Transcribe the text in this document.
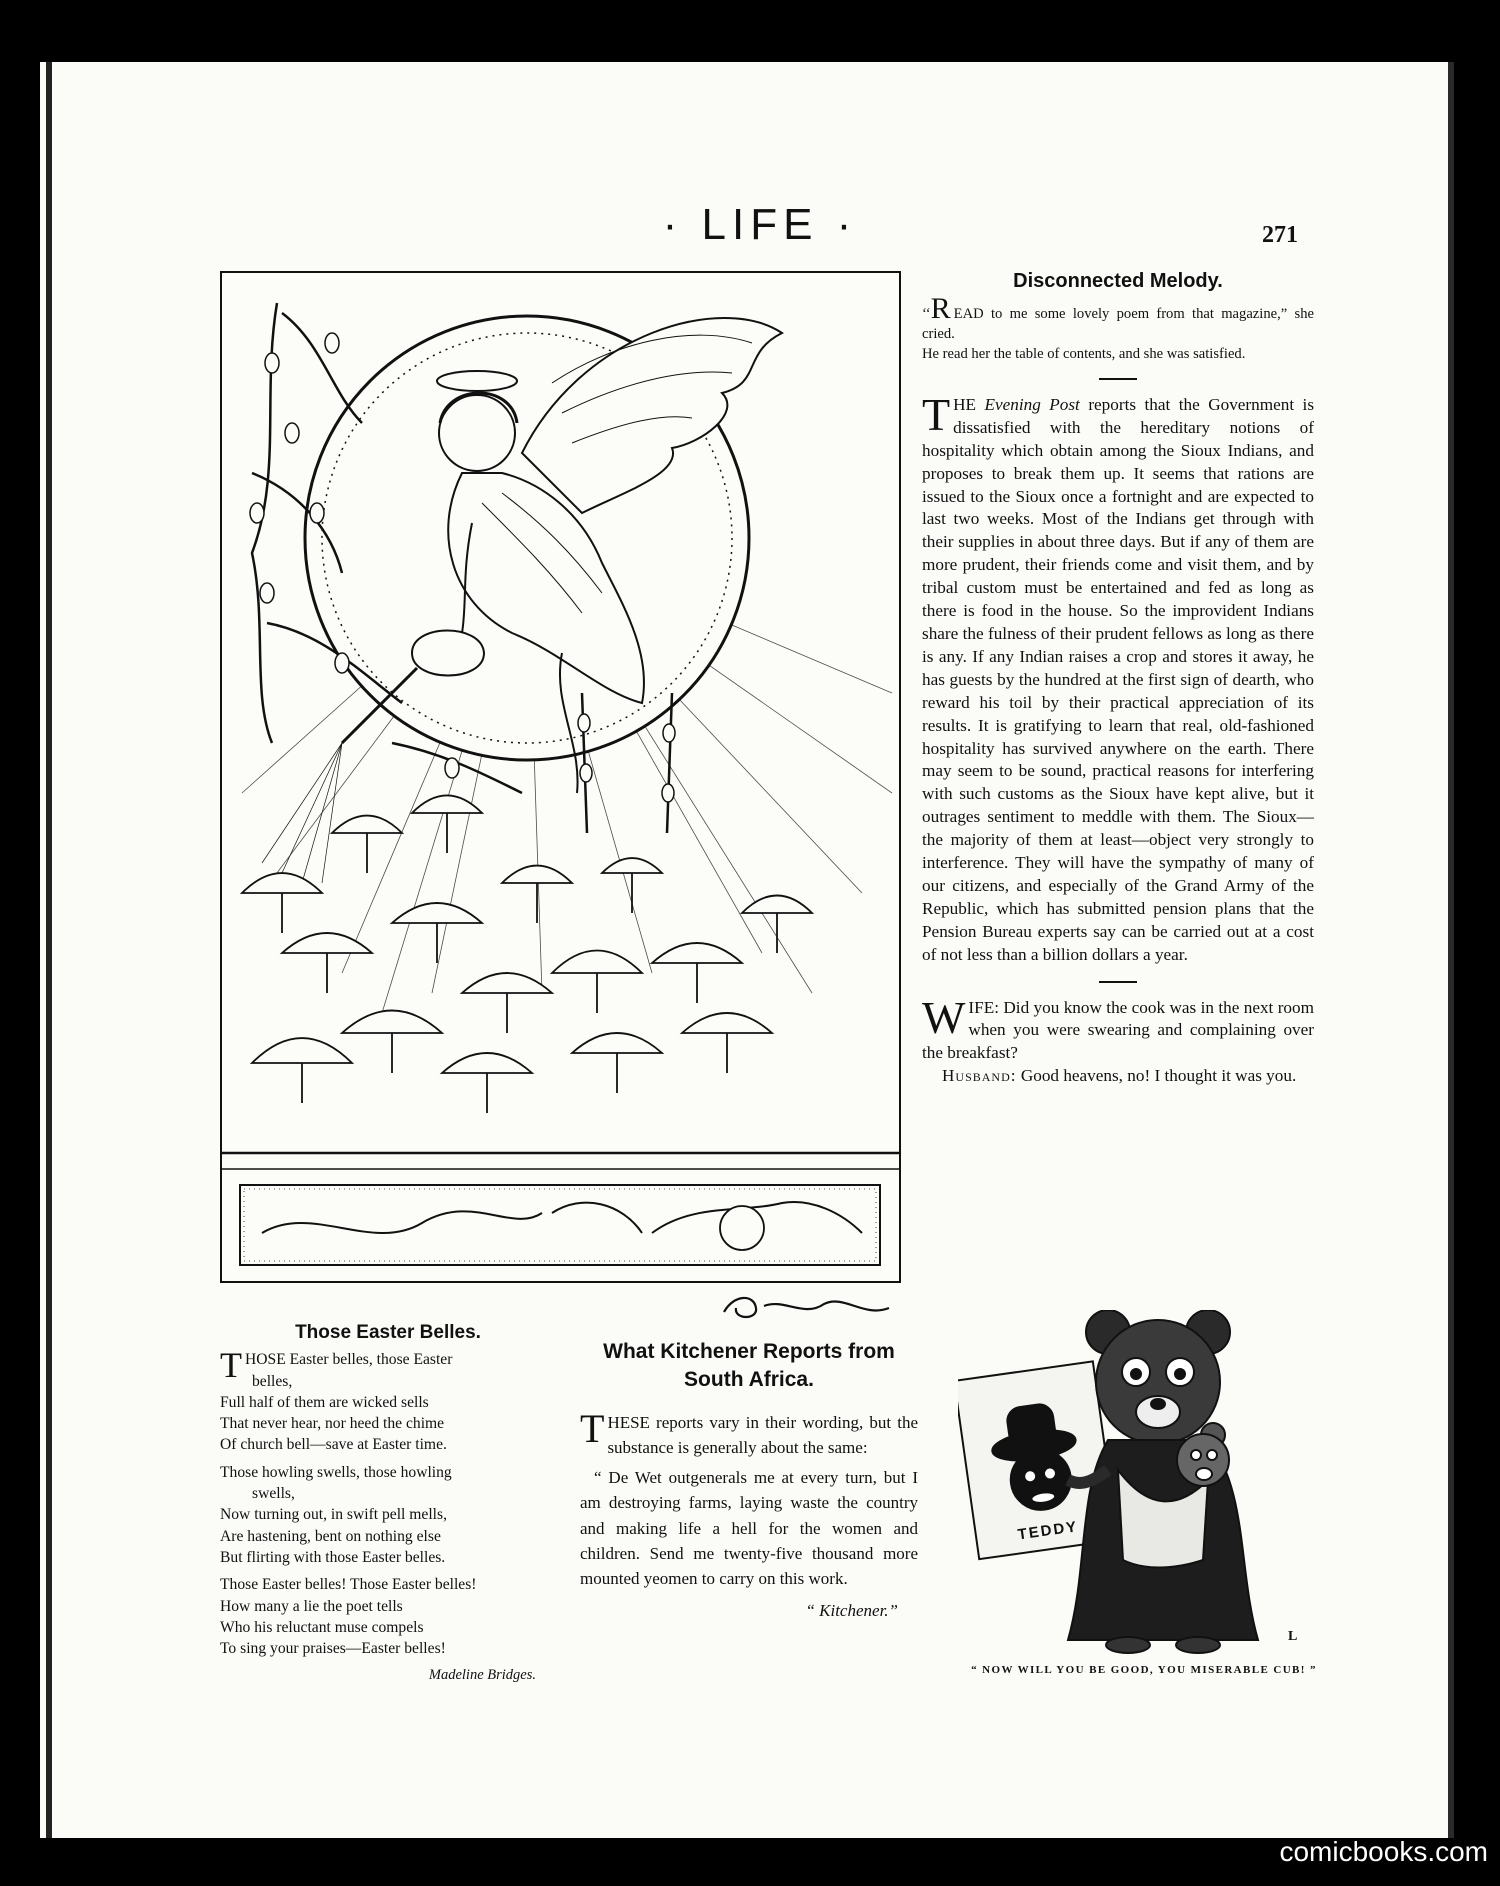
· LIFE ·	271
Disconnected Melody.

‘‘R EAD to me some lovely poem from that magazine,” she cried.

He read her the table of contents, and she was satisfied.

THE Evening Post reports that the Government is dissatisfied with the hereditary notions of hospitality which obtain among the Sioux Indians, and proposes to break them up. It seems that rations are issued to the Sioux once a fortnight and are expected to last two weeks. Most of the Indians get through with their supplies in about three days. But if any of them are more prudent, their friends come and visit them, and by tribal custom must be entertained and fed as long as there is food in the house. So the improvident Indians share the fulness of their prudent fellows as long as there is any. If any Indian raises a crop and stores it away, he has guests by the hundred at the first sign of dearth, who reward his toil by their practical appreciation of its results. It is gratifying to learn that real, old-fashioned hospitality has survived anywhere on the earth. There may seem to be sound, practical reasons for interfering with such customs as the Sioux have kept alive, but it outrages sentiment to meddle with them. The Sioux—the majority of them at least—object very strongly to interference. They will have the sympathy of many of our citizens, and especially of the Grand Army of the Republic, which has submitted pension plans that the Pension Bureau experts say can be carried out at a cost of not less than a billion dollars a year.

WIFE: Did you know the cook was in the next room when you were swearing and complaining over the breakfast?

Husband: Good heavens, no! I thought it was you.

Those Easter Belles.

THOSE Easter belles, those Easter

belles,

Full half of them are wicked sells

That never hear, nor heed the chime

Of church bell—save at Easter time.

Those howling swells, those howling

swells,

Now turning out, in swift pell mells,

Are hastening, bent on nothing else

But flirting with those Easter belles.

Those Easter belles! Those Easter belles!

How many a lie the poet tells

Who his reluctant muse compels

To sing your praises—Easter belles!

Madeline Bridges.

What Kitchener Reports from South Africa.

THESE reports vary in their wording, but the substance is generally about the same:

“ De Wet outgenerals me at every turn, but I am destroying farms, laying waste the country and making life a hell for the women and children. Send me twenty-five thousand more mounted yeomen to carry on this work.

“ Kitchener.”

TEDDY
L
“ NOW WILL YOU BE GOOD, YOU MISERABLE CUB! ”
comicbooks.com
